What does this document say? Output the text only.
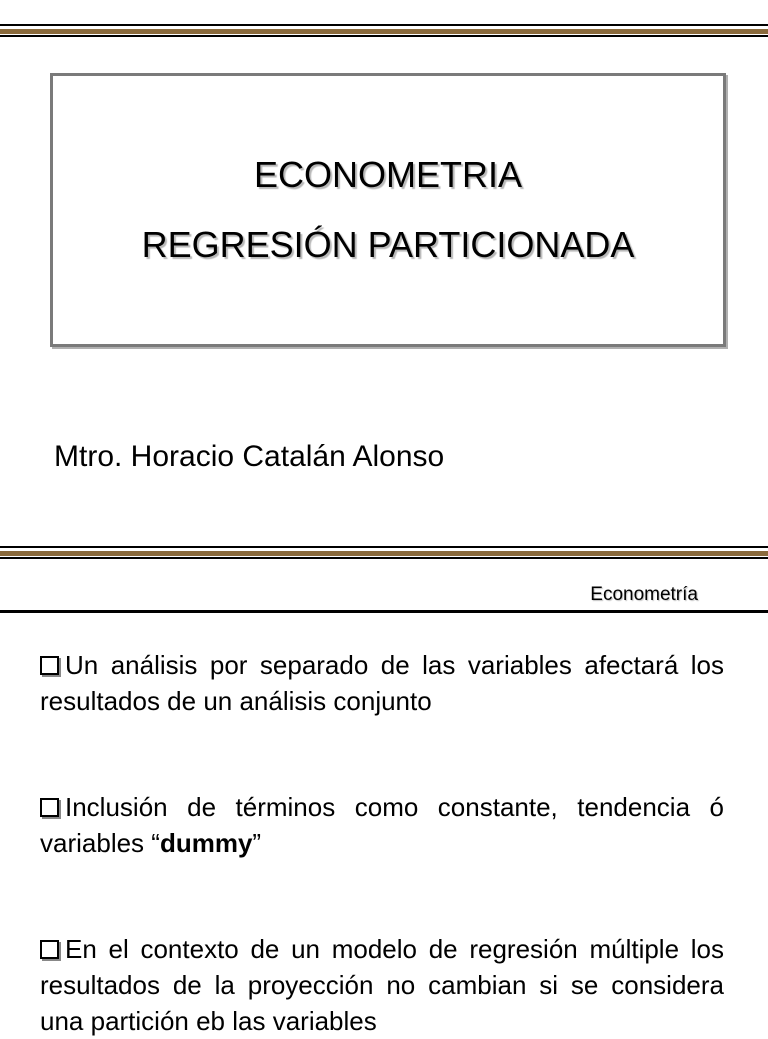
ECONOMETRIA
REGRESIÓN PARTICIONADA
Mtro. Horacio Catalán Alonso
Econometría
Un análisis por separado de las variables afectará los resultados de un análisis conjunto
Inclusión de términos como constante, tendencia ó variables “dummy”
En el contexto de un modelo de regresión múltiple los resultados de la proyección no cambian si se considera una partición eb las variables
